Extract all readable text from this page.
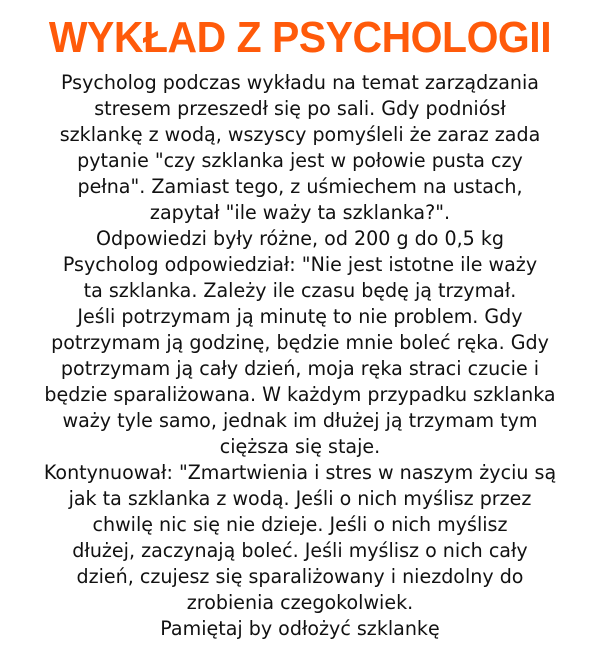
WYKŁAD Z PSYCHOLOGII
Psycholog podczas wykładu na temat zarządzania
stresem przeszedł się po sali. Gdy podniósł
szklankę z wodą, wszyscy pomyśleli że zaraz zada
pytanie "czy szklanka jest w połowie pusta czy
pełna". Zamiast tego, z uśmiechem na ustach,
zapytał "ile waży ta szklanka?".
Odpowiedzi były różne, od 200 g do 0,5 kg
Psycholog odpowiedział: "Nie jest istotne ile waży
ta szklanka. Zależy ile czasu będę ją trzymał.
Jeśli potrzymam ją minutę to nie problem. Gdy
potrzymam ją godzinę, będzie mnie boleć ręka. Gdy
potrzymam ją cały dzień, moja ręka straci czucie i
będzie sparaliżowana. W każdym przypadku szklanka
waży tyle samo, jednak im dłużej ją trzymam tym
cięższa się staje.
Kontynuował: "Zmartwienia i stres w naszym życiu są
jak ta szklanka z wodą. Jeśli o nich myślisz przez
chwilę nic się nie dzieje. Jeśli o nich myślisz
dłużej, zaczynają boleć. Jeśli myślisz o nich cały
dzień, czujesz się sparaliżowany i niezdolny do
zrobienia czegokolwiek.
Pamiętaj by odłożyć szklankę
